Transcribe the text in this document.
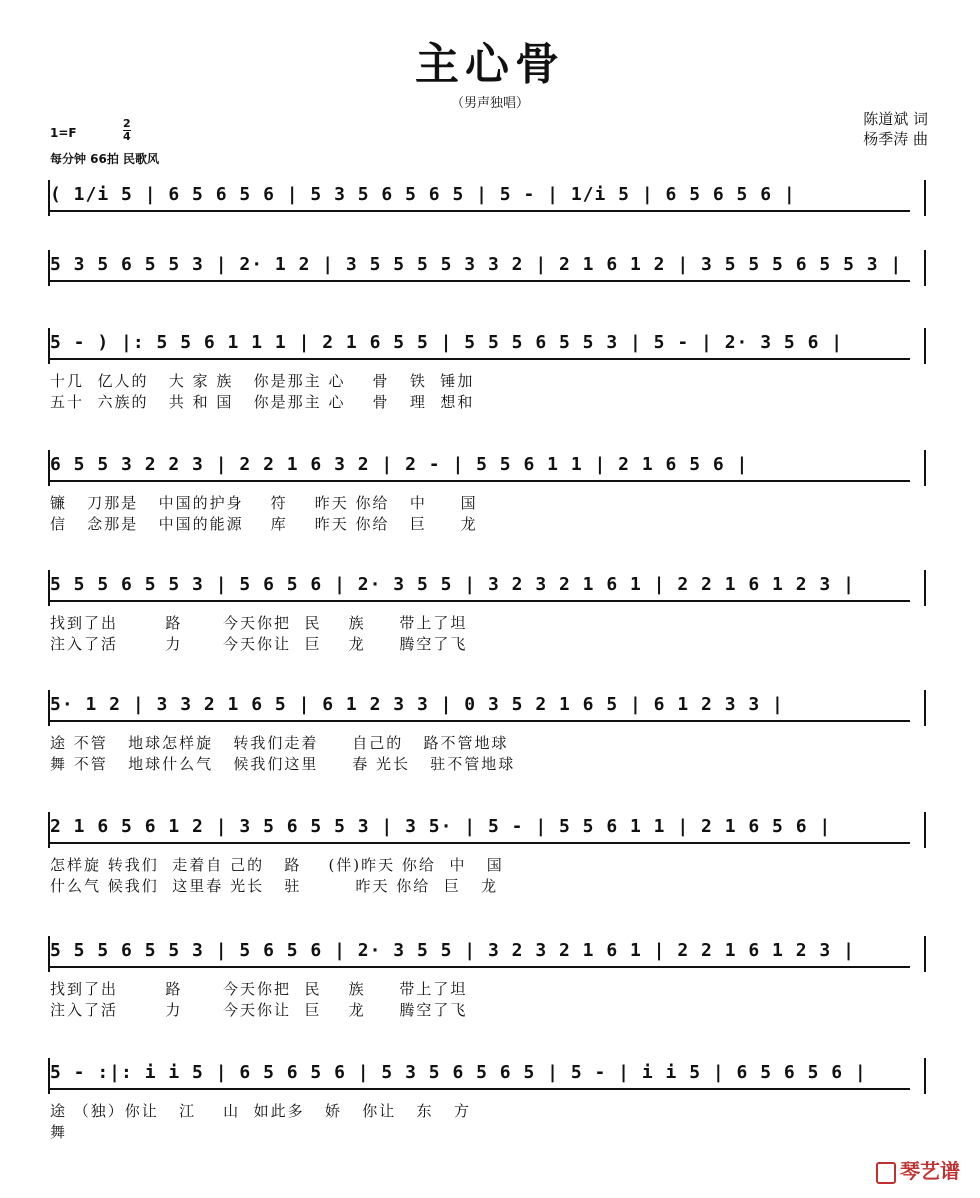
主心骨
（男声独唱）
陈道斌 词
杨季涛 曲
1=F
2
4
每分钟 66拍 民歌风
( 1/i 5 | 6 5 6 5 6 | 5 3 5 6 5 6 5 | 5 - | 1/i 5 | 6 5 6 5 6 |
5 3 5 6 5 5 3 | 2· 1 2 | 3 5 5 5 5 3 3 2 | 2 1 6 1 2 | 3 5 5 5 6 5 5 3 |
5 - ) |: 5 5 6 1 1 1 | 2 1 6 5 5 | 5 5 5 6 5 5 3 | 5 - | 2· 3 5 6 |
十几  亿人的   大 家 族   你是那主 心    骨   铁  锤加
五十  六族的   共 和 国   你是那主 心    骨   理  想和
6 5 5 3 2 2 3 | 2 2 1 6 3 2 | 2 - | 5 5 6 1 1 | 2 1 6 5 6 |
镰   刀那是   中国的护身    符    昨天 你给   中     国
信   念那是   中国的能源    库    昨天 你给   巨     龙
5 5 5 6 5 5 3 | 5 6 5 6 | 2· 3 5 5 | 3 2 3 2 1 6 1 | 2 2 1 6 1 2 3 |
找到了出       路      今天你把  民    族     带上了坦
注入了活       力      今天你让  巨    龙     腾空了飞
5· 1 2 | 3 3 2 1 6 5 | 6 1 2 3 3 | 0 3 5 2 1 6 5 | 6 1 2 3 3 |
途 不管   地球怎样旋   转我们走着     自己的   路不管地球
舞 不管   地球什么气   候我们这里     春 光长   驻不管地球
2 1 6 5 6 1 2 | 3 5 6 5 5 3 | 3 5· | 5 - | 5 5 6 1 1 | 2 1 6 5 6 |
怎样旋 转我们  走着自 己的   路    (伴)昨天 你给  中   国
什么气 候我们  这里春 光长   驻        昨天 你给  巨   龙
5 5 5 6 5 5 3 | 5 6 5 6 | 2· 3 5 5 | 3 2 3 2 1 6 1 | 2 2 1 6 1 2 3 |
找到了出       路      今天你把  民    族     带上了坦
注入了活       力      今天你让  巨    龙     腾空了飞
5 - :|: i i 5 | 6 5 6 5 6 | 5 3 5 6 5 6 5 | 5 - | i i 5 | 6 5 6 5 6 |
途 （独）你让   江    山  如此多   娇   你让   东   方
舞
琴艺谱
